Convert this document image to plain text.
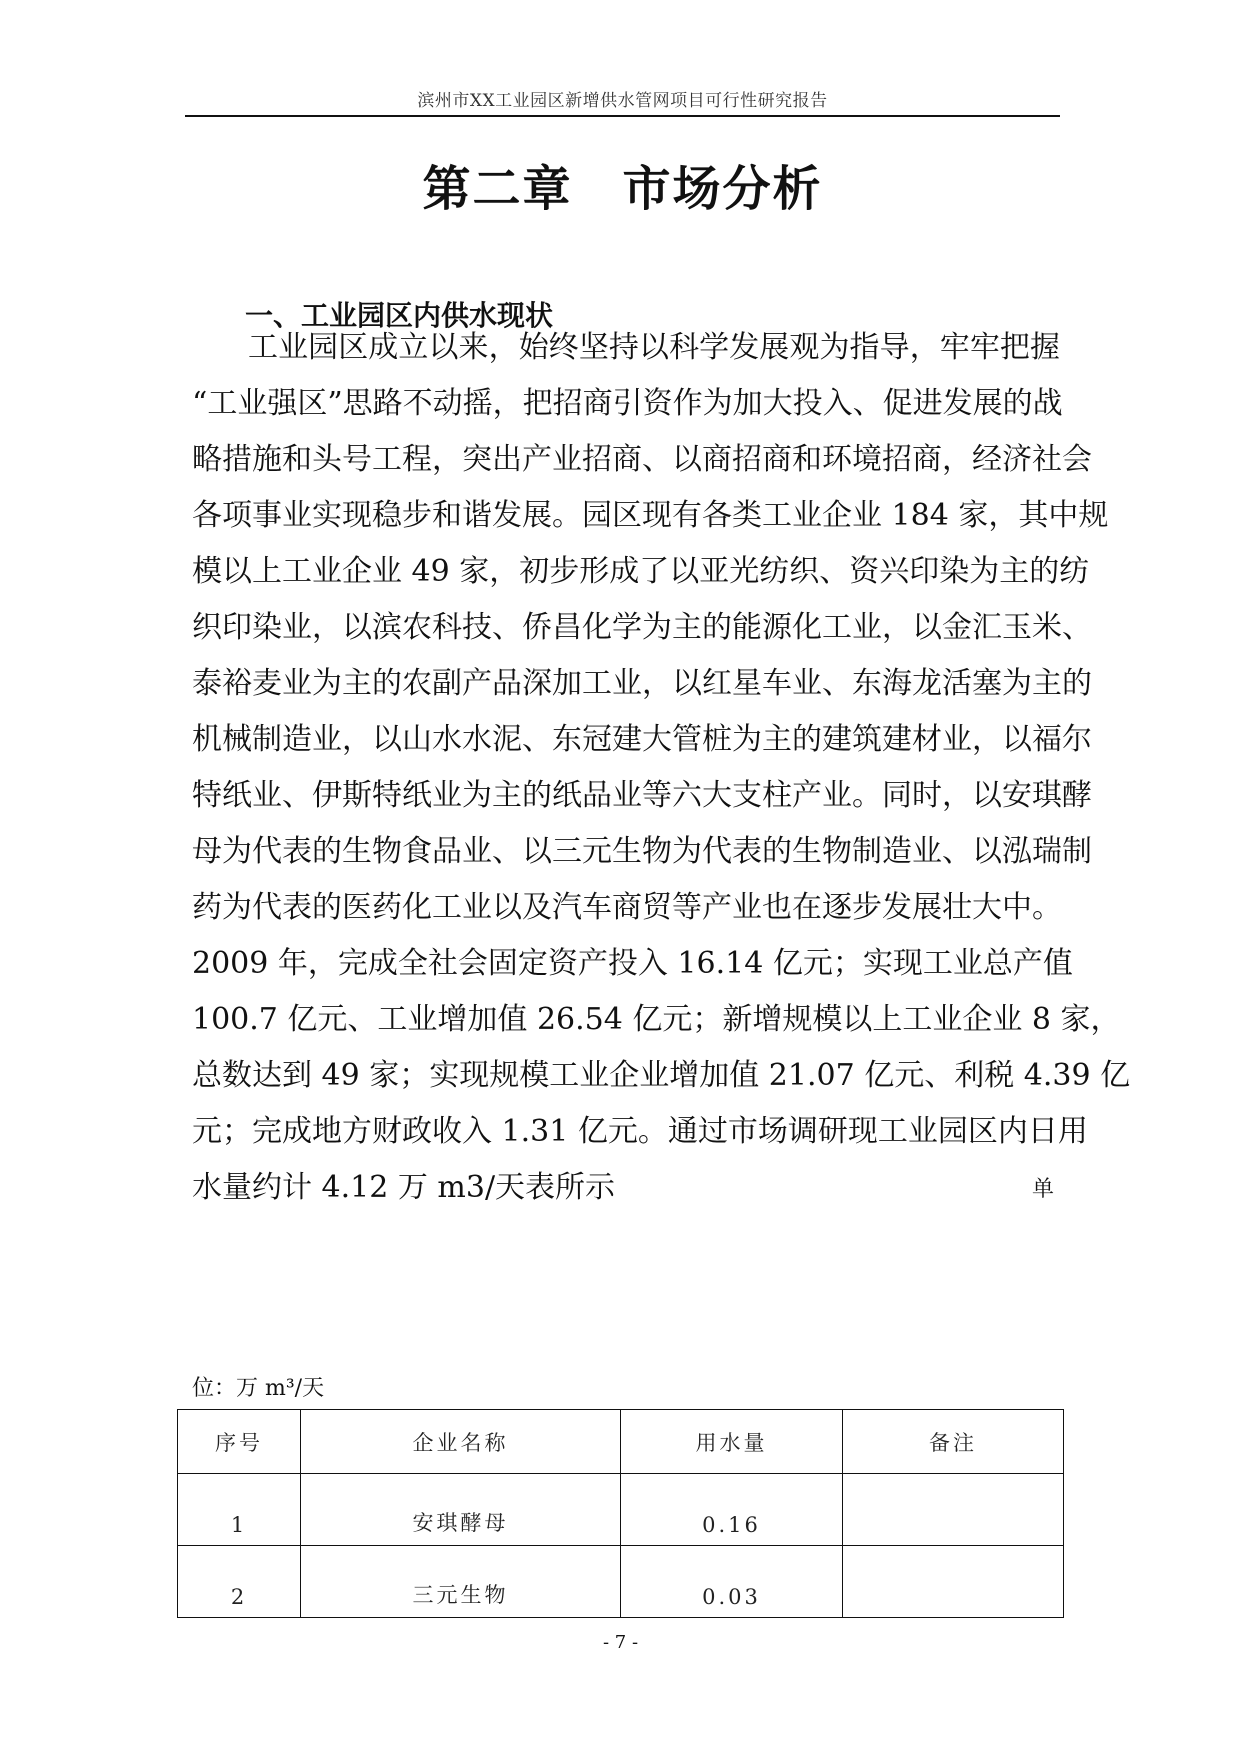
滨州市XX工业园区新增供水管网项目可行性研究报告
第二章　市场分析
一、工业园区内供水现状
工业园区成立以来，始终坚持以科学发展观为指导，牢牢把握
“工业强区”思路不动摇，把招商引资作为加大投入、促进发展的战
略措施和头号工程，突出产业招商、以商招商和环境招商，经济社会
各项事业实现稳步和谐发展。园区现有各类工业企业 184 家，其中规
模以上工业企业 49 家，初步形成了以亚光纺织、资兴印染为主的纺
织印染业，以滨农科技、侨昌化学为主的能源化工业，以金汇玉米、
泰裕麦业为主的农副产品深加工业，以红星车业、东海龙活塞为主的
机械制造业，以山水水泥、东冠建大管桩为主的建筑建材业，以福尔
特纸业、伊斯特纸业为主的纸品业等六大支柱产业。同时，以安琪酵
母为代表的生物食品业、以三元生物为代表的生物制造业、以泓瑞制
药为代表的医药化工业以及汽车商贸等产业也在逐步发展壮大中。
2009 年，完成全社会固定资产投入 16.14 亿元；实现工业总产值
100.7 亿元、工业增加值 26.54 亿元；新增规模以上工业企业 8 家，
总数达到 49 家；实现规模工业企业增加值 21.07 亿元、利税 4.39 亿
元；完成地方财政收入 1.31 亿元。通过市场调研现工业园区内日用
水量约计 4.12 万 m3/天表所示	单
位：万 m³/天
序号	企业名称	用水量	备注
1	安琪酵母	0.16	
2	三元生物	0.03	
- 7 -
